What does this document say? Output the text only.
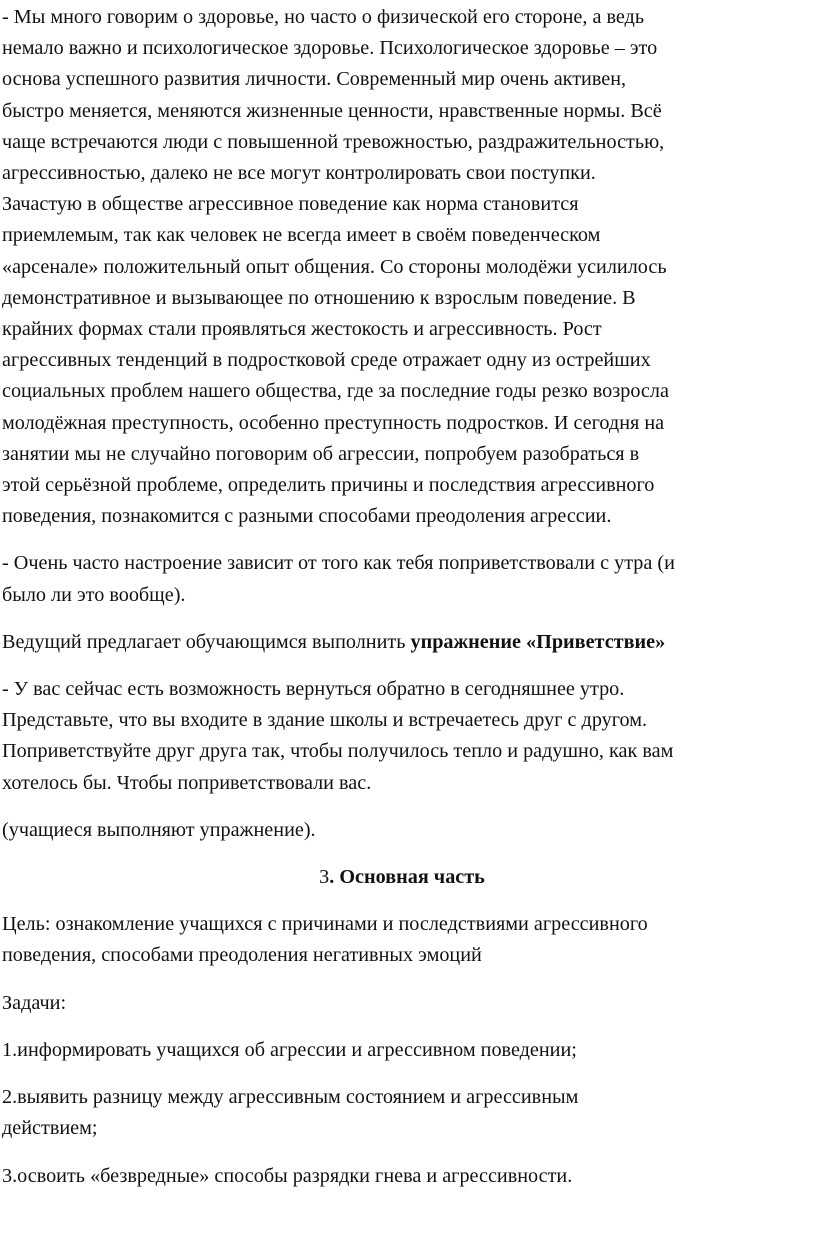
- Мы много говорим о здоровье, но часто о физической его стороне, а ведь
немало важно и психологическое здоровье. Психологическое здоровье – это
основа успешного развития личности. Современный мир очень активен,
быстро меняется, меняются жизненные ценности, нравственные нормы. Всё
чаще встречаются люди с повышенной тревожностью, раздражительностью,
агрессивностью, далеко не все могут контролировать свои поступки.
Зачастую в обществе агрессивное поведение как норма становится
приемлемым, так как человек не всегда имеет в своём поведенческом
«арсенале» положительный опыт общения. Со стороны молодёжи усилилось
демонстративное и вызывающее по отношению к взрослым поведение. В
крайних формах стали проявляться жестокость и агрессивность. Рост
агрессивных тенденций в подростковой среде отражает одну из острейших
социальных проблем нашего общества, где за последние годы резко возросла
молодёжная преступность, особенно преступность подростков. И сегодня на
занятии мы не случайно поговорим об агрессии, попробуем разобраться в
этой серьёзной проблеме, определить причины и последствия агрессивного
поведения, познакомится с разными способами преодоления агрессии.

- Очень часто настроение зависит от того как тебя поприветствовали с утра (и
было ли это вообще).

Ведущий предлагает обучающимся выполнить упражнение «Приветствие»

- У вас сейчас есть возможность вернуться обратно в сегодняшнее утро.
Представьте, что вы входите в здание школы и встречаетесь друг с другом.
Поприветствуйте друг друга так, чтобы получилось тепло и радушно, как вам
хотелось бы. Чтобы поприветствовали вас.

(учащиеся выполняют упражнение).

3. Основная часть

Цель: ознакомление учащихся с причинами и последствиями агрессивного
поведения, способами преодоления негативных эмоций

Задачи:

1.информировать учащихся об агрессии и агрессивном поведении;

2.выявить разницу между агрессивным состоянием и агрессивным
действием;

3.освоить «безвредные» способы разрядки гнева и агрессивности.
